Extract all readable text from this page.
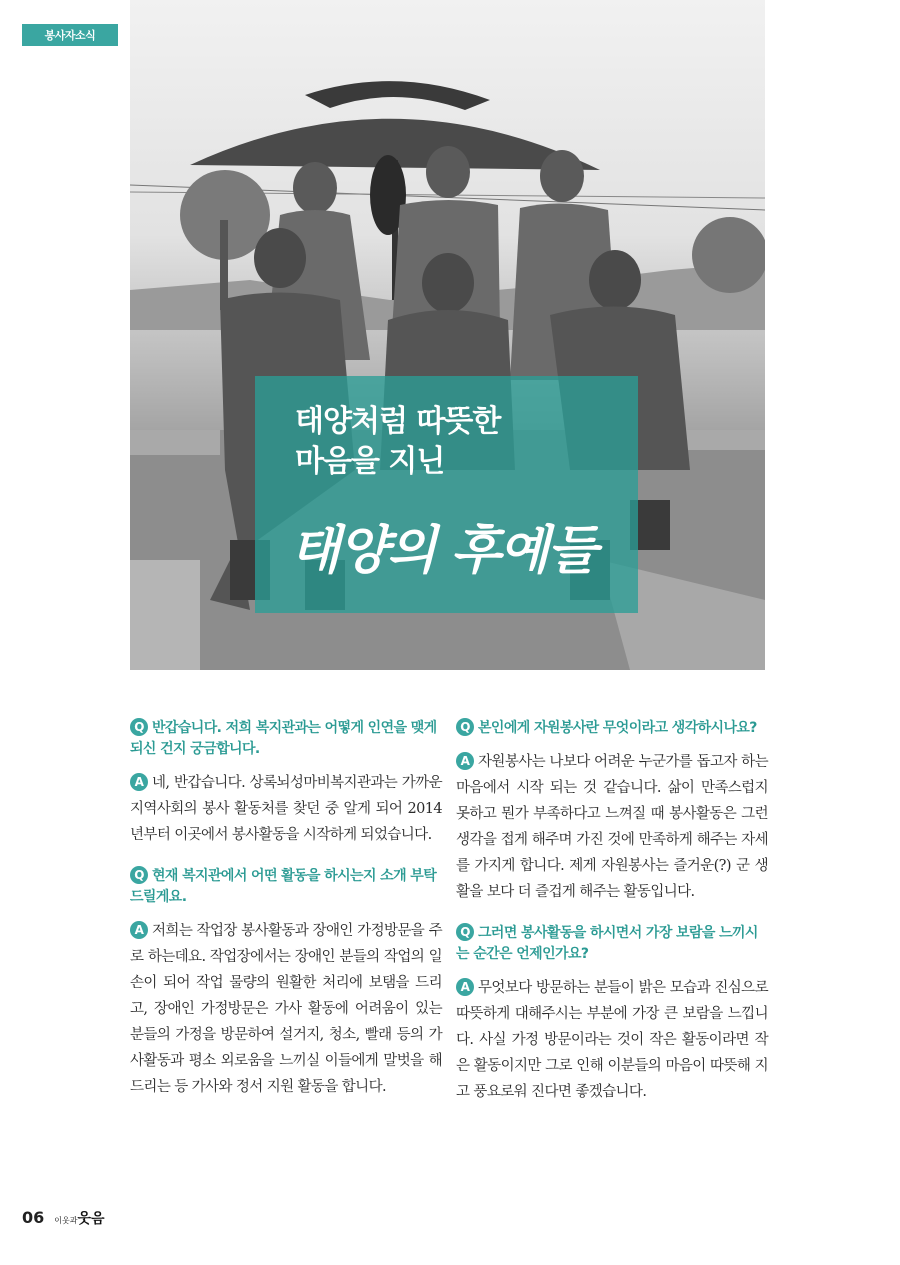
봉사자소식
태양처럼 따뜻한
마음을 지닌
태양의 후예들

Q 반갑습니다. 저희 복지관과는 어떻게 인연을 맺게 되신 건지 궁금합니다.

A 네, 반갑습니다. 상록뇌성마비복지관과는 가까운 지역사회의 봉사 활동처를 찾던 중 알게 되어 2014년부터 이곳에서 봉사활동을 시작하게 되었습니다.

Q 현재 복지관에서 어떤 활동을 하시는지 소개 부탁드릴게요.

A 저희는 작업장 봉사활동과 장애인 가정방문을 주로 하는데요. 작업장에서는 장애인 분들의 작업의 일손이 되어 작업 물량의 원활한 처리에 보탬을 드리고, 장애인 가정방문은 가사 활동에 어려움이 있는 분들의 가정을 방문하여 설거지, 청소, 빨래 등의 가사활동과 평소 외로움을 느끼실 이들에게 말벗을 해드리는 등 가사와 정서 지원 활동을 합니다.

Q 본인에게 자원봉사란 무엇이라고 생각하시나요?

A 자원봉사는 나보다 어려운 누군가를 돕고자 하는 마음에서 시작 되는 것 같습니다. 삶이 만족스럽지 못하고 뭔가 부족하다고 느껴질 때 봉사활동은 그런 생각을 접게 해주며 가진 것에 만족하게 해주는 자세를 가지게 합니다. 제게 자원봉사는 즐거운(?) 군 생활을 보다 더 즐겁게 해주는 활동입니다.

Q 그러면 봉사활동을 하시면서 가장 보람을 느끼시는 순간은 언제인가요?

A 무엇보다 방문하는 분들이 밝은 모습과 진심으로 따뜻하게 대해주시는 부분에 가장 큰 보람을 느낍니다. 사실 가정 방문이라는 것이 작은 활동이라면 작은 활동이지만 그로 인해 이분들의 마음이 따뜻해 지고 풍요로워 진다면 좋겠습니다.

06 이웃과웃음
